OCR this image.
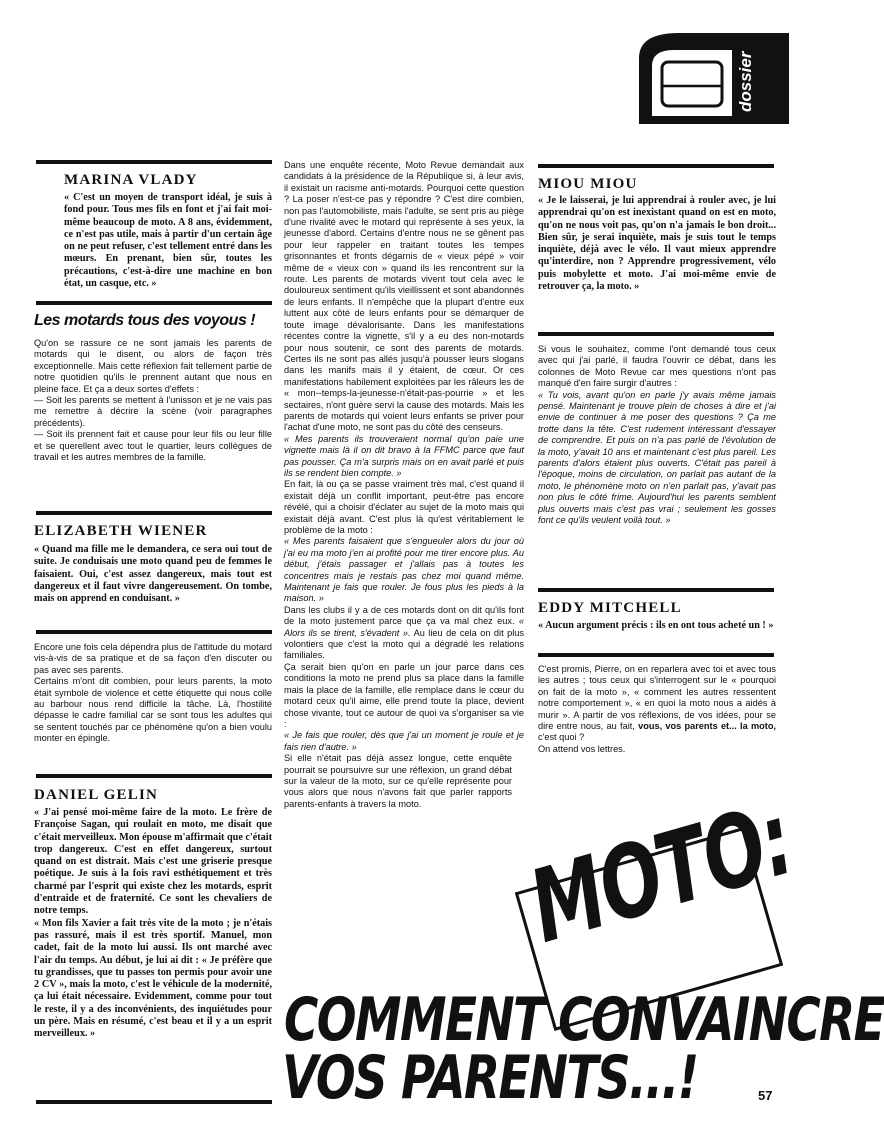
dossier
MARINA VLADY

« C'est un moyen de transport idéal, je suis à fond pour. Tous mes fils en font et j'ai fait moi-même beaucoup de moto. A 8 ans, évidemment, ce n'est pas utile, mais à partir d'un certain âge on ne peut refuser, c'est tellement entré dans les mœurs. En prenant, bien sûr, toutes les précautions, c'est-à-dire une machine en bon état, un casque, etc. »

Les motards tous des voyous !

Qu'on se rassure ce ne sont jamais les parents de motards qui le disent, ou alors de façon très exceptionnelle. Mais cette réflexion fait tellement partie de notre quotidien qu'ils le prennent autant que nous en pleine face. Et ça a deux sortes d'effets :

— Soit les parents se mettent à l'unisson et je ne vais pas me remettre à décrire la scène (voir paragraphes précédents).

— Soit ils prennent fait et cause pour leur fils ou leur fille et se querellent avec tout le quartier, leurs collègues de travail et les autres membres de la famille.

ELIZABETH WIENER

« Quand ma fille me le demandera, ce sera oui tout de suite. Je conduisais une moto quand peu de femmes le faisaient. Oui, c'est assez dangereux, mais tout est dangereux et il faut vivre dangereusement. On tombe, mais on apprend en conduisant. »

Encore une fois cela dépendra plus de l'attitude du motard vis-à-vis de sa pratique et de sa façon d'en discuter ou pas avec ses parents.

Certains m'ont dit combien, pour leurs parents, la moto était symbole de violence et cette étiquette qui nous colle au barbour nous rend difficile la tâche. Là, l'hostilité dépasse le cadre familial car se sont tous les adultes qui se sentent touchés par ce phénomène qu'on a bien voulu monter en épingle.

DANIEL GELIN

« J'ai pensé moi-même faire de la moto. Le frère de Françoise Sagan, qui roulait en moto, me disait que c'était merveilleux. Mon épouse m'affirmait que c'était trop dangereux. C'est en effet dangereux, surtout quand on est distrait. Mais c'est une griserie presque poétique. Je suis à la fois ravi esthétiquement et très charmé par l'esprit qui existe chez les motards, esprit d'entraide et de fraternité. Ce sont les chevaliers de notre temps.

« Mon fils Xavier a fait très vite de la moto ; je n'étais pas rassuré, mais il est très sportif. Manuel, mon cadet, fait de la moto lui aussi. Ils ont marché avec l'air du temps. Au début, je lui ai dit : « Je préfère que tu grandisses, que tu passes ton permis pour avoir une 2 CV », mais la moto, c'est le véhicule de la modernité, ça lui était nécessaire. Evidemment, comme pour tout le reste, il y a des inconvénients, des inquiétudes pour un père. Mais en résumé, c'est beau et il y a un esprit merveilleux. »

Dans une enquête récente, Moto Revue demandait aux candidats à la présidence de la République si, à leur avis, il existait un racisme anti-motards. Pourquoi cette question ? La poser n'est-ce pas y répondre ? C'est dire combien, non pas l'automobiliste, mais l'adulte, se sent pris au piège d'une rivalité avec le motard qui représente à ses yeux, la jeunesse d'abord. Certains d'entre nous ne se gênent pas pour leur rappeler en traitant toutes les tempes grisonnantes et fronts dégarnis de « vieux pépé » voir même de « vieux con » quand ils les rencontrent sur la route. Les parents de motards vivent tout cela avec le douloureux sentiment qu'ils vieillissent et sont abandonnés de leurs enfants. Il n'empêche que la plupart d'entre eux luttent aux côté de leurs enfants pour se démarquer de toute image dévalorisante. Dans les manifestations récentes contre la vignette, s'il y a eu des non-motards pour nous soutenir, ce sont des parents de motards. Certes ils ne sont pas allés jusqu'à pousser leurs slogans dans les manifs mais il y étaient, de cœur. Or ces manifestations habilement exploitées par les râleurs les de « mon--temps-la-jeunesse-n'était-pas-pourrie » et les sectaires, n'ont guère servi la cause des motards. Mais les parents de motards qui voient leurs enfants se priver pour l'achat d'une moto, ne sont pas du côté des censeurs.

« Mes parents ils trouveraient normal qu'on paie une vignette mais là il on dit bravo à la FFMC parce que faut pas pousser. Ça m'a surpris mais on en avait parlé et puis ils se rendent bien compte. »

En fait, là ou ça se passe vraiment très mal, c'est quand il existait déjà un conflit important, peut-être pas encore révélé, qui a choisir d'éclater au sujet de la moto mais qui existait déjà avant. C'est plus là qu'est véritablement le problème de la moto :

« Mes parents faisaient que s'engueuler alors du jour où j'ai eu ma moto j'en ai profité pour me tirer encore plus. Au début, j'étais passager et j'allais pas à toutes les concentres mais je restais pas chez moi quand même. Maintenant je fais que rouler. Je fous plus les pieds à la maison. »

Dans les clubs il y a de ces motards dont on dit qu'ils font de la moto justement parce que ça va mal chez eux. « Alors ils se tirent, s'évadent ». Au lieu de cela on dit plus volontiers que c'est la moto qui a dégradé les relations familiales.

Ça serait bien qu'on en parle un jour parce dans ces conditions la moto ne prend plus sa place dans la famille mais la place de la famille, elle remplace dans le cœur du motard ceux qu'il aime, elle prend toute la place, devient chose vivante, tout ce autour de quoi va s'organiser sa vie :

« Je fais que rouler, dès que j'ai un moment je roule et je fais rien d'autre. »

Si elle n'était pas déjà assez longue, cette enquête pourrait se poursuivre sur une réflexion, un grand débat sur la valeur de la moto, sur ce qu'elle représente pour vous alors que nous n'avons fait que parler rapports parents-enfants à travers la moto.

MIOU MIOU

« Je le laisserai, je lui apprendrai à rouler avec, je lui apprendrai qu'on est inexistant quand on est en moto, qu'on ne nous voit pas, qu'on n'a jamais le bon droit... Bien sûr, je serai inquiète, mais je suis tout le temps inquiète, déjà avec le vélo. Il vaut mieux apprendre qu'interdire, non ? Apprendre progressivement, vélo puis mobylette et moto. J'ai moi-même envie de retrouver ça, la moto. »

Si vous le souhaitez, comme l'ont demandé tous ceux avec qui j'ai parlé, il faudra l'ouvrir ce débat, dans les colonnes de Moto Revue car mes questions n'ont pas manqué d'en faire surgir d'autres :

« Tu vois, avant qu'on en parle j'y avais même jamais pensé. Maintenant je trouve plein de choses à dire et j'ai envie de continuer à me poser des questions ? Ça me trotte dans la tête. C'est rudement intéressant d'essayer de comprendre. Et puis on n'a pas parlé de l'évolution de la moto, y'avait 10 ans et maintenant c'est plus pareil. Les parents d'alors étaient plus ouverts. C'était pas pareil à l'époque, moins de circulation, on parlait pas autant de la moto, le phénomène moto on n'en parlait pas, y'avait pas non plus le côté frime. Aujourd'hui les parents semblent plus ouverts mais c'est pas vrai ; seulement les gosses font ce qu'ils veulent voilà tout. »

EDDY MITCHELL

« Aucun argument précis : ils en ont tous acheté un ! »

C'est promis, Pierre, on en reparlera avec toi et avec tous les autres ; tous ceux qui s'interrogent sur le « pourquoi on fait de la moto », « comment les autres ressentent notre comportement », « en quoi la moto nous a aidés à murir ». A partir de vos réflexions, de vos idées, pour se dire entre nous, au fait, vous, vos parents et... la moto, c'est quoi ?

On attend vos lettres.

MOTO:
COMMENT CONVAINCRE
VOS PARENTS...!	57
